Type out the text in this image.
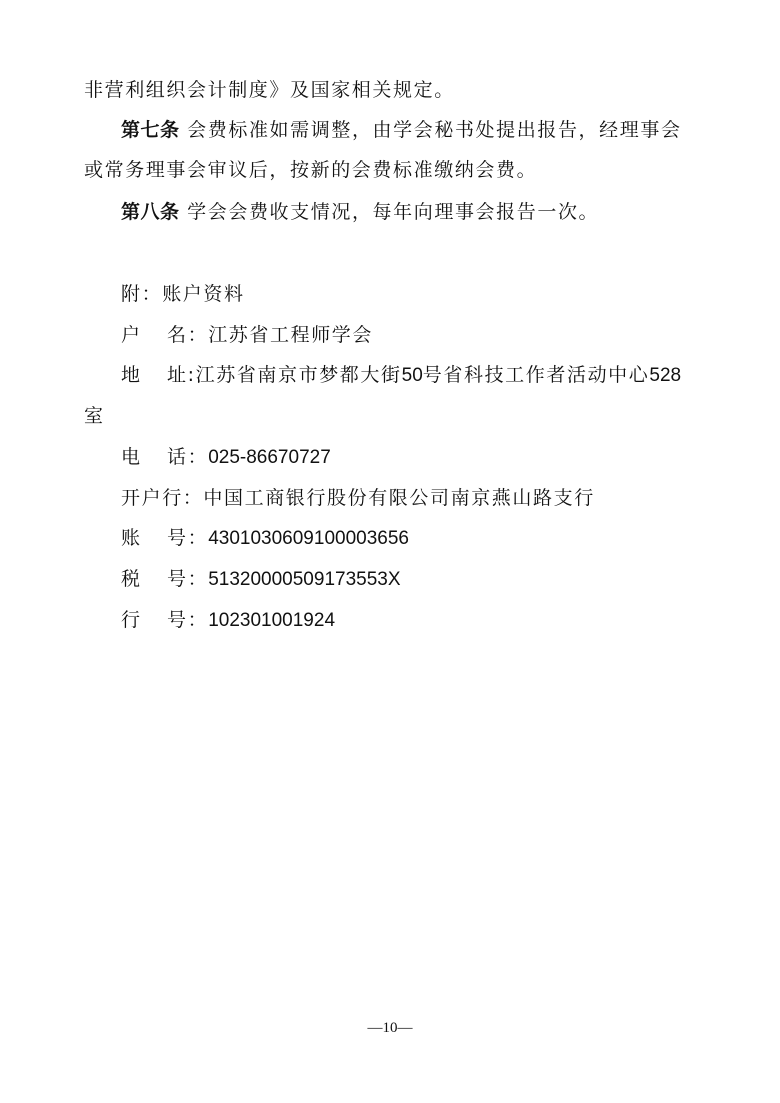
非营利组织会计制度》及国家相关规定。
第七条 会费标准如需调整，由学会秘书处提出报告，经理事会
或常务理事会审议后，按新的会费标准缴纳会费。
第八条 学会会费收支情况，每年向理事会报告一次。
附：账户资料
户 名：江苏省工程师学会
地 址:江苏省南京市梦都大街50号省科技工作者活动中心528
室
电 话：025-86670727
开户行：中国工商银行股份有限公司南京燕山路支行
账 号：4301030609100003656
税 号：51320000509173553X
行 号：102301001924
—10—
